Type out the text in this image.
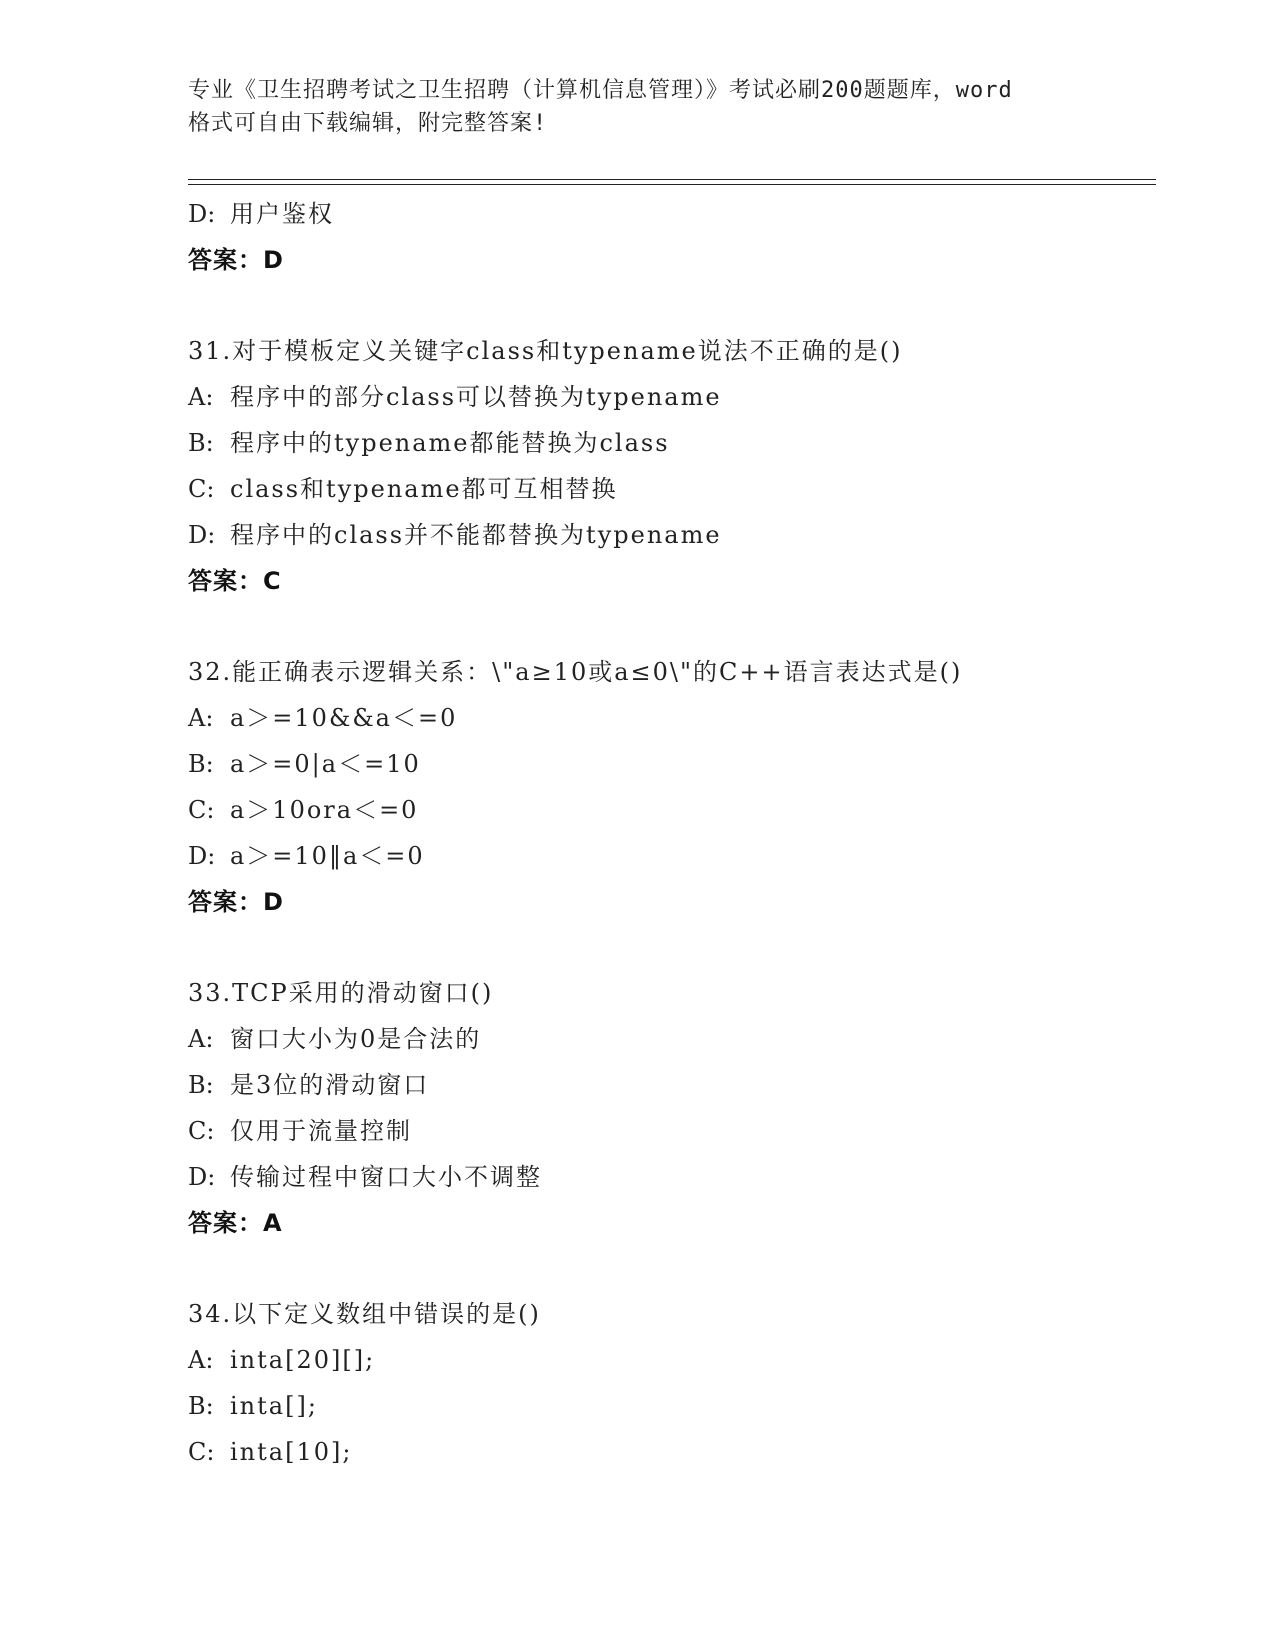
专业《卫生招聘考试之卫生招聘（计算机信息管理）》考试必刷200题题库，word
格式可自由下载编辑，附完整答案!
D: 用户鉴权
答案：D
31.对于模板定义关键字class和typename说法不正确的是()
A: 程序中的部分class可以替换为typename
B: 程序中的typename都能替换为class
C: class和typename都可互相替换
D: 程序中的class并不能都替换为typename
答案：C
32.能正确表示逻辑关系：\"a≥10或a≤0\"的C++语言表达式是()
A: a＞=10&&a＜=0
B: a＞=0|a＜=10
C: a＞10ora＜=0
D: a＞=10‖a＜=0
答案：D
33.TCP采用的滑动窗口()
A: 窗口大小为0是合法的
B: 是3位的滑动窗口
C: 仅用于流量控制
D: 传输过程中窗口大小不调整
答案：A
34.以下定义数组中错误的是()
A: inta[20][];
B: inta[];
C: inta[10];
